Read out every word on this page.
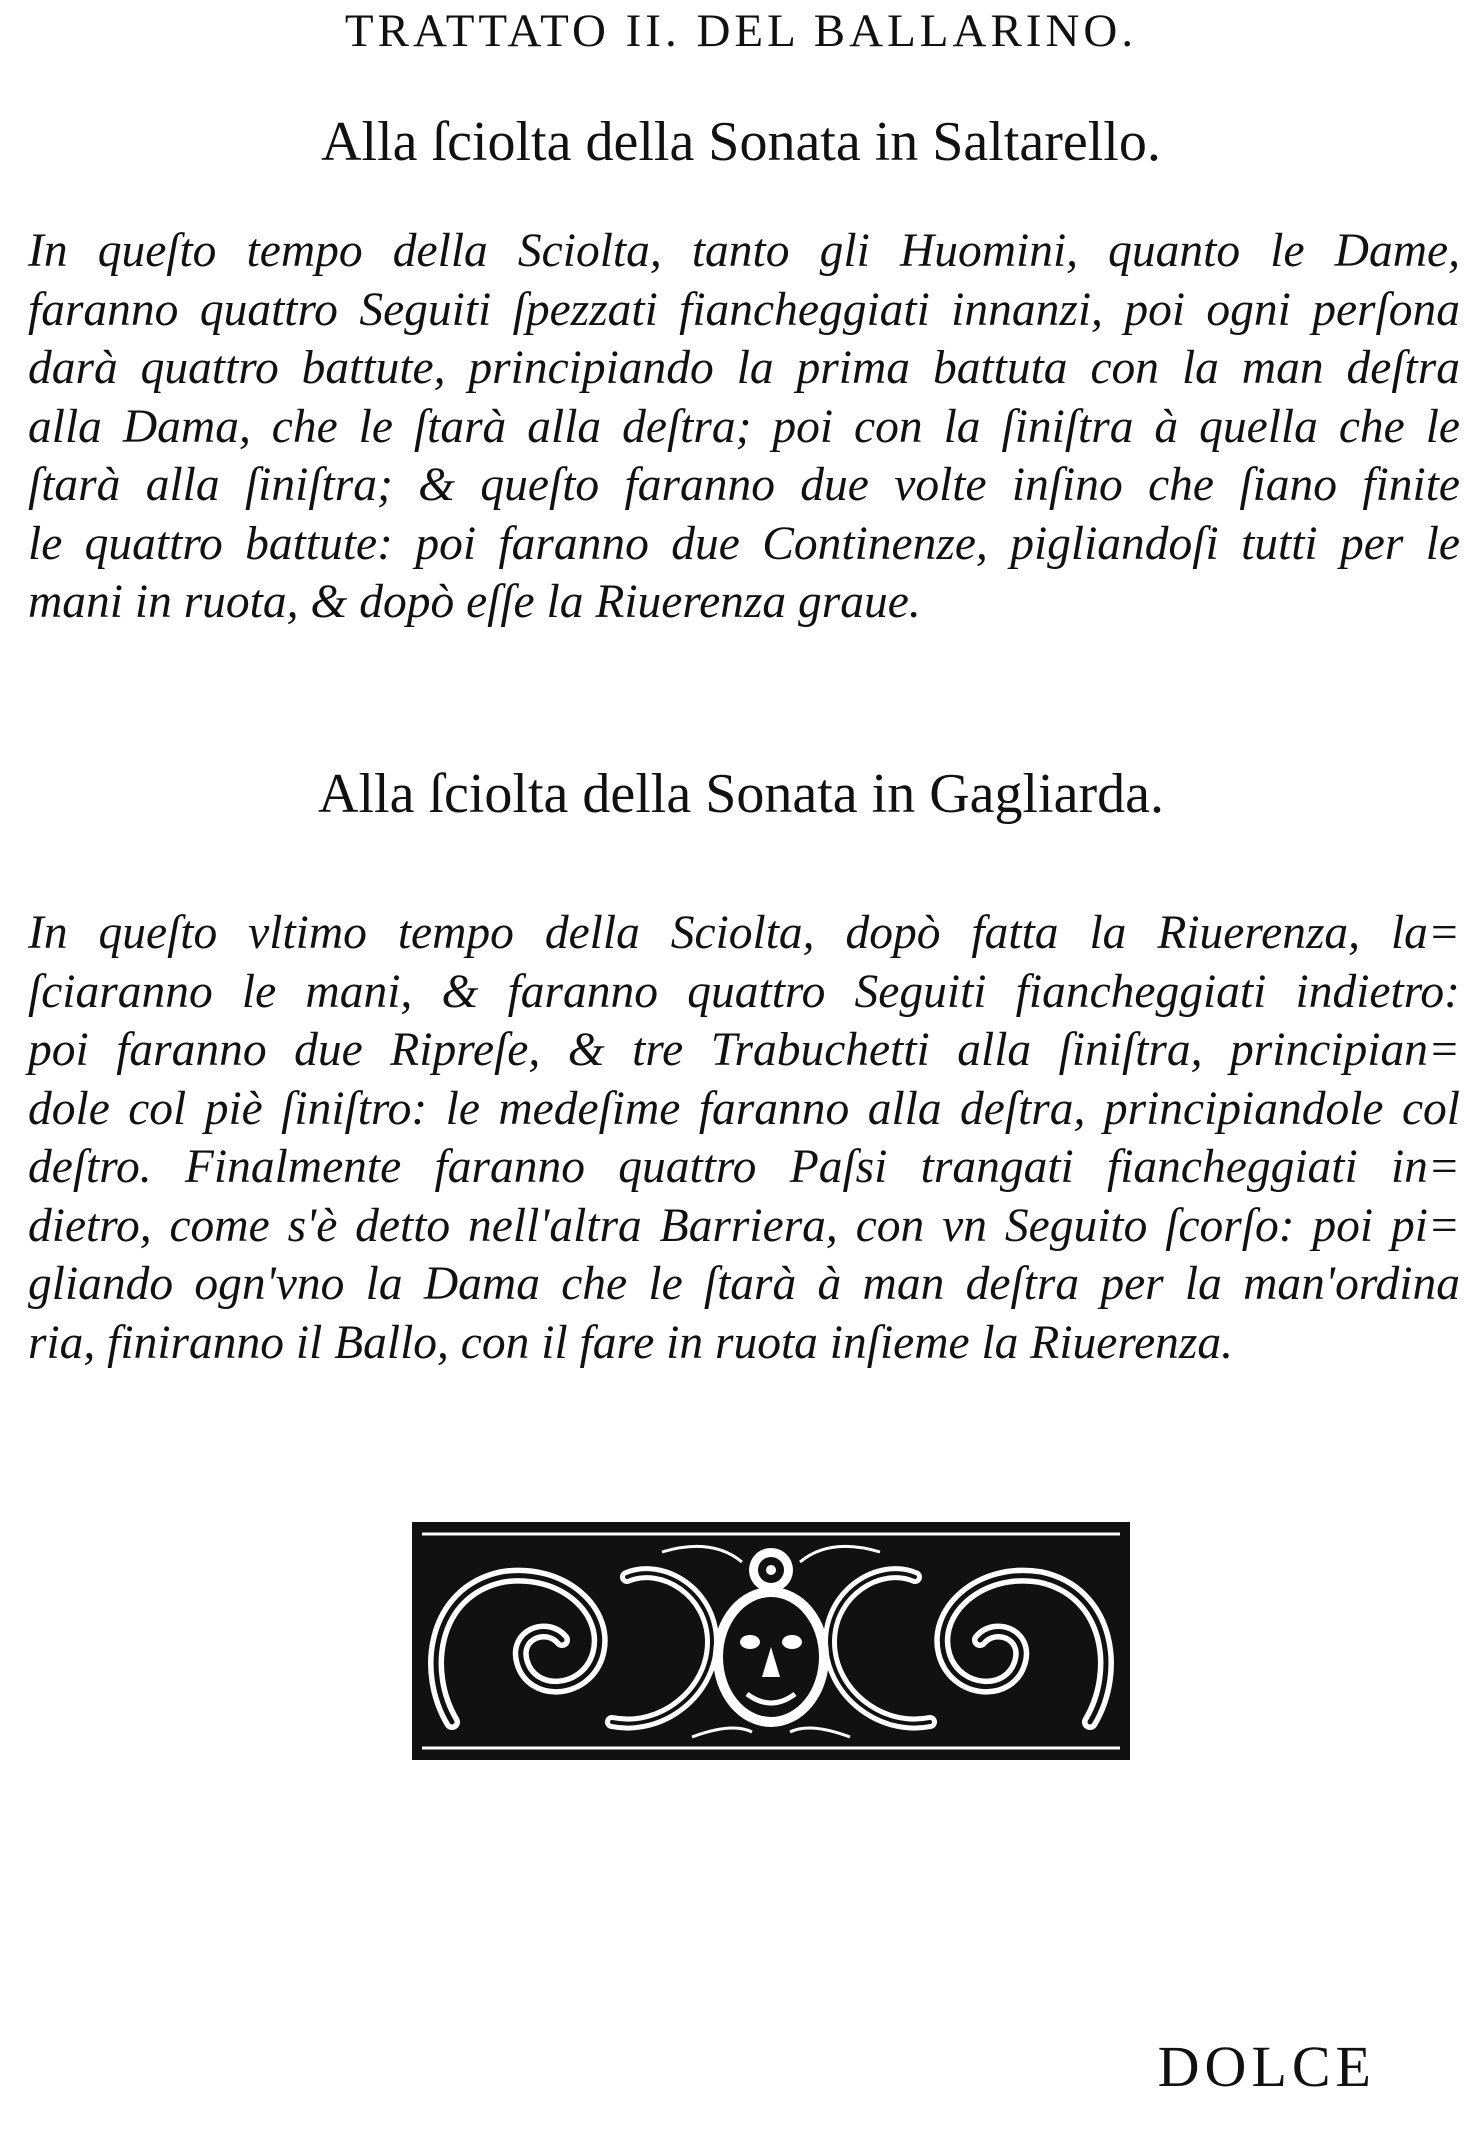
TRATTATO II. DEL BALLARINO.
Alla ſciolta della Sonata in Saltarello.
In queſto tempo della Sciolta, tanto gli Huomini, quanto le Dame,
faranno quattro Seguiti ſpezzati fiancheggiati innanzi, poi ogni perſona
darà quattro battute, principiando la prima battuta con la man deſtra
alla Dama, che le ſtarà alla deſtra; poi con la ſiniſtra à quella che le
ſtarà alla ſiniſtra; & queſto faranno due volte inſino che ſiano finite
le quattro battute: poi faranno due Continenze, pigliandoſi tutti per le
mani in ruota, & dopò eſſe la Riuerenza graue.
Alla ſciolta della Sonata in Gagliarda.
In queſto vltimo tempo della Sciolta, dopò fatta la Riuerenza, la=
ſciaranno le mani, & faranno quattro Seguiti fiancheggiati indietro:
poi faranno due Ripreſe, & tre Trabuchetti alla ſiniſtra, principian=
dole col piè ſiniſtro: le medeſime faranno alla deſtra, principiandole col
deſtro. Finalmente faranno quattro Paſsi trangati fiancheggiati in=
dietro, come s'è detto nell'altra Barriera, con vn Seguito ſcorſo: poi pi=
gliando ogn'vno la Dama che le ſtarà à man deſtra per la man'ordina
ria, finiranno il Ballo, con il fare in ruota inſieme la Riuerenza.
DOLCE
